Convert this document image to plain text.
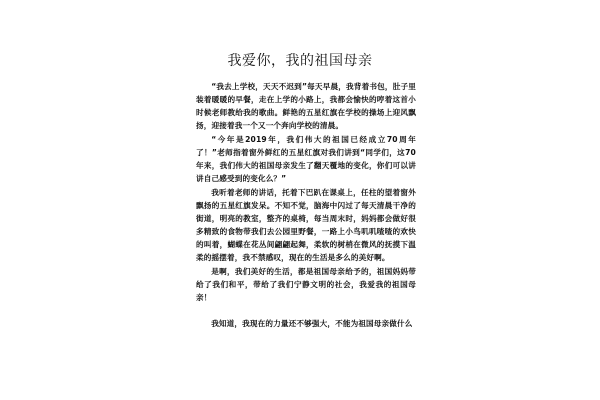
我爱你，我的祖国母亲

“我去上学校，天天不迟到”每天早晨，我背着书包，肚子里装着暖暖的早餐，走在上学的小路上，我都会愉快的哼着这首小时候老师教给我的歌曲。鲜艳的五星红旗在学校的操场上迎风飘扬，迎接着我一个又一个奔向学校的清晨。

“今年是2019年，我们伟大的祖国已经成立70周年了！”老师指着窗外鲜红的五星红旗对我们讲到“同学们，这70年来，我们伟大的祖国母亲发生了翻天覆地的变化，你们可以讲讲自己感受到的变化么？”

我听着老师的讲话，托着下巴趴在课桌上，任柱的望着窗外飘扬的五星红旗发呆。不知不觉，脑海中闪过了每天清晨干净的街道，明亮的教室，整齐的桌椅，每当周末时，妈妈都会做好很多精致的食物带我们去公园里野餐，一路上小鸟叽叽喳喳的欢快的叫着，蝴蝶在花丛间翩翩起舞，柔软的树梢在微风的抚摸下温柔的摇摆着，我不禁感叹，现在的生活是多么的美好啊。

是啊，我们美好的生活，都是祖国母亲给予的，祖国妈妈带给了我们和平，带给了我们宁静文明的社会，我爱我的祖国母亲！

我知道，我现在的力量还不够强大，不能为祖国母亲做什么
